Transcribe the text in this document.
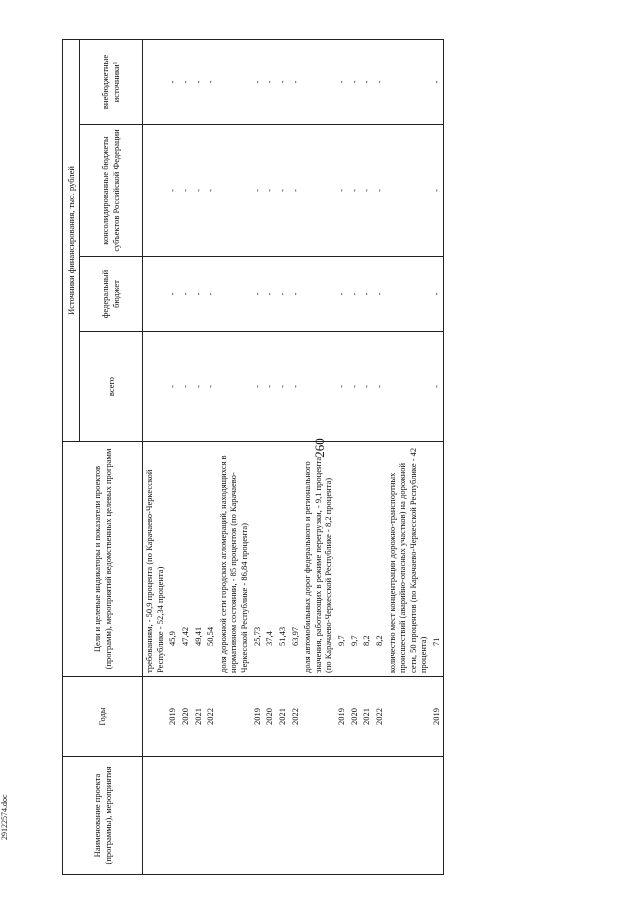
260
29122574.doc	Наименование проекта (программы), мероприятия	Годы	Цели и целевые индикаторы и показатели проектов (программ), мероприятий ведомственных целевых программ	Источники финансирования, тыс. рублей			
			всего	федеральный бюджет	консолидированные бюджеты субъектов Российской Федерации	внебюджетные источники¹
		требованиям, - 50,9 процента (по Карачаево-Черкесской Республике - 52,34 процента)				
	2019	45,9	-	-	-	-
	2020	47,42	-	-	-	-
	2021	49,41	-	-	-	-
	2022	50,54	-	-	-	-
		доля дорожной сети городских агломераций, находящихся в нормативном состоянии, - 85 процентов (по Карачаево-Черкесской Республике - 86,84 процента)				
	2019	25,73	-	-	-	-
	2020	37,4	-	-	-	-
	2021	51,43	-	-	-	-
	2022	63,97	-	-	-	-
		доля автомобильных дорог федерального и регионального значения, работающих в режиме перегрузки, - 9,1 процента (по Карачаево-Черкесской Республике - 8,2 процента)				
	2019	9,7	-	-	-	-
	2020	9,7	-	-	-	-
	2021	8,2	-	-	-	-
	2022	8,2	-	-	-	-
		количество мест концентрации дорожно-транспортных происшествий (аварийно-опасных участков) на дорожной сети, 50 процентов (по Карачаево-Черкесской Республике - 42 процента)				
	2019	71	-	-	-	-
